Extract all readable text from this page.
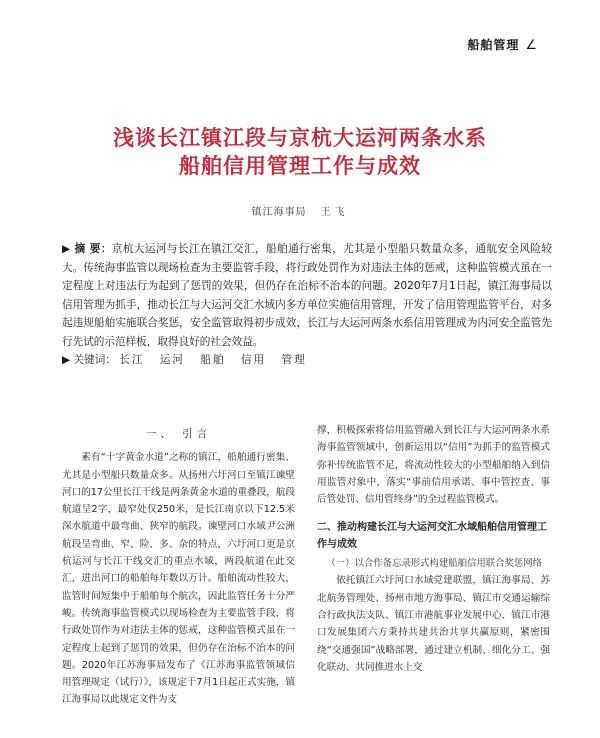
船舶管理 ∠
浅谈长江镇江段与京杭大运河两条水系
船舶信用管理工作与成效
镇江海事局 王飞
▶ 摘 要：京杭大运河与长江在镇江交汇，船舶通行密集，尤其是小型船只数量众多，通航安全风险较大。传统海事监管以现场检查为主要监管手段，将行政处罚作为对违法主体的惩戒，这种监管模式虽在一定程度上对违法行为起到了惩罚的效果，但仍存在治标不治本的问题。2020年7月1日起，镇江海事局以信用管理为抓手，推动长江与大运河交汇水域内多方单位实施信用管理，开发了信用管理监管平台，对多起违规船舶实施联合奖惩，安全监管取得初步成效，长江与大运河两条水系信用管理成为内河安全监管先行先试的示范样板，取得良好的社会效益。
▶ 关键词： 长江 运河 船舶 信用 管理
一、 引言

素有“十字黄金水道”之称的镇江，船舶通行密集、尤其是小型船只数量众多。从扬州六圩河口至镇江谏壁河口的17公里长江干线是两条黄金水道的重叠段，航段航道呈2字，最窄处仅250米，是长江南京以下12.5米深水航道中最弯曲、狭窄的航段。谏壁河口水域尹公洲航段呈弯曲、窄、险、多、杂的特点，六圩河口更是京杭运河与长江干线交汇的重点水域，两段航道在此交汇，进出河口的船舶每年数以万计。船舶流动性较大，监管时间短集中于船舶每个航次，因此监管任务十分严峻。传统海事监管模式以现场检查为主要监管手段，将行政处罚作为对违法主体的惩戒，这种监管模式虽在一定程度上起到了惩罚的效果，但仍存在治标不治本的问题。2020年江苏海事局发布了《江苏海事监管领域信用管理规定（试行）》，该规定于7月1日起正式实施，镇江海事局以此规定文件为支

撑，积极探索将信用监管融入到长江与大运河两条水系海事监管领域中，创新运用以“信用”为抓手的监管模式弥补传统监管不足，将流动性较大的小型船舶纳入到信用监管对象中，落实“事前信用承诺、事中管控查、事后管处罚、信用管终身”的全过程监管模式。

二、推动构建长江与大运河交汇水域船舶信用管理工作与成效

（一）以合作备忘录形式构建船舶信用联合奖惩网络

依托镇江六圩河口水域党建联盟，镇江海事局、苏北航务管理处、扬州市地方海事局、镇江市交通运输综合行政执法支队、镇江市港航事业发展中心、镇江市港口发展集团六方秉持共建共治共享共赢原则，紧密围绕“交通强国”战略部署，通过建立机制、细化分工、强化联动、共同推进水上交
